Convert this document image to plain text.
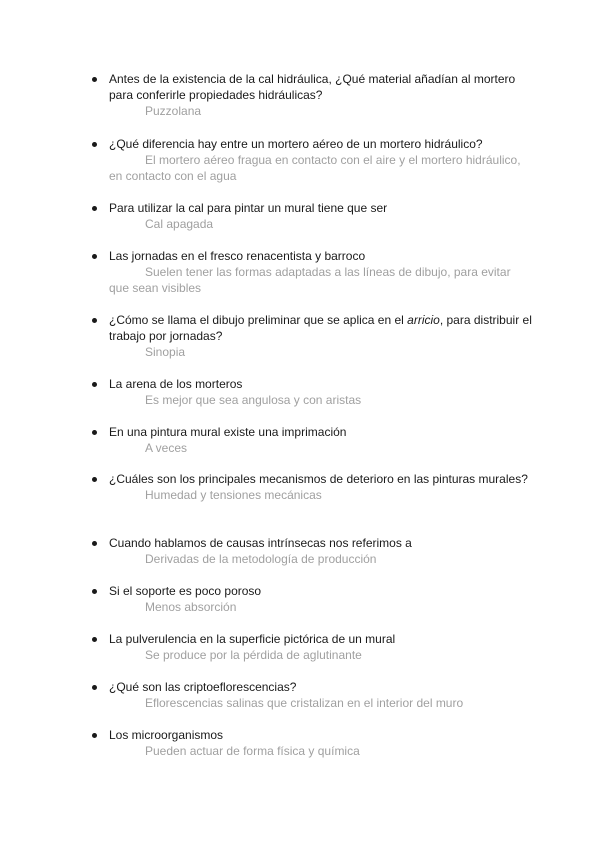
Antes de la existencia de la cal hidráulica, ¿Qué material añadían al mortero para conferirle propiedades hidráulicas?
Puzzolana
¿Qué diferencia hay entre un mortero aéreo de un mortero hidráulico?
El mortero aéreo fragua en contacto con el aire y el mortero hidráulico, en contacto con el agua
Para utilizar la cal para pintar un mural tiene que ser
Cal apagada
Las jornadas en el fresco renacentista y barroco
Suelen tener las formas adaptadas a las líneas de dibujo, para evitar que sean visibles
¿Cómo se llama el dibujo preliminar que se aplica en el arricio, para distribuir el trabajo por jornadas?
Sinopia
La arena de los morteros
Es mejor que sea angulosa y con aristas
En una pintura mural existe una imprimación
A veces
¿Cuáles son los principales mecanismos de deterioro en las pinturas murales?
Humedad y tensiones mecánicas
Cuando hablamos de causas intrínsecas nos referimos a
Derivadas de la metodología de producción
Si el soporte es poco poroso
Menos absorción
La pulverulencia en la superficie pictórica de un mural
Se produce por la pérdida de aglutinante
¿Qué son las criptoeflorescencias?
Eflorescencias salinas que cristalizan en el interior del muro
Los microorganismos
Pueden actuar de forma física y química
